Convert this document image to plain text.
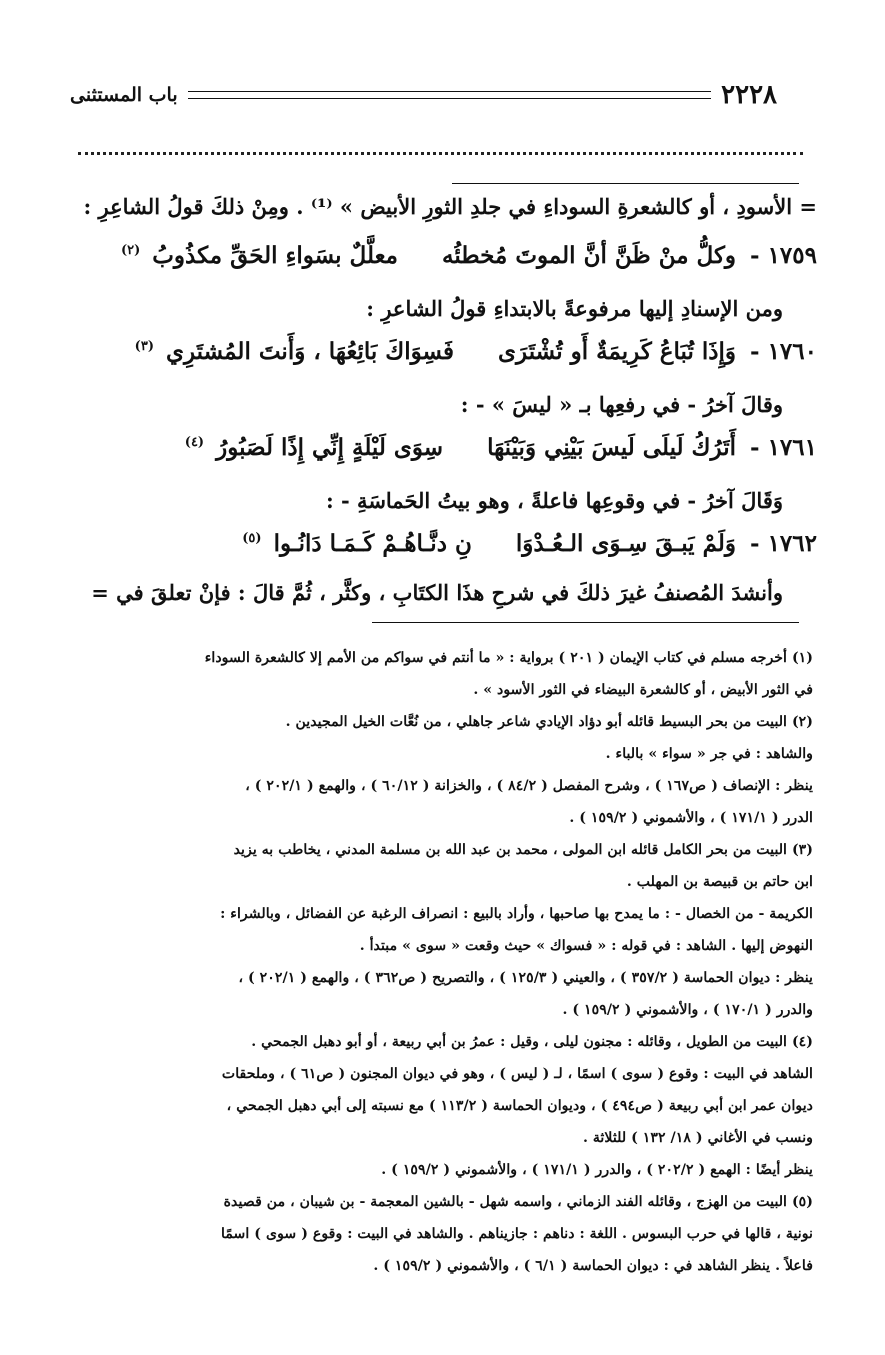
٢٢٢٨
باب المستثنى
= الأسودِ ، أو كالشعرةِ السوداءِ في جلدِ الثورِ الأبيض » ⁽¹⁾ . ومِنْ ذلكَ قولُ الشاعِرِ :
١٧٥٩ - وكلُّ منْ ظَنَّ أنَّ الموتَ مُخطئُه معلَّلٌ بسَواءِ الحَقِّ مكذُوبُ $^{(٢)}$
ومن الإسنادِ إليها مرفوعةً بالابتداءِ قولُ الشاعرِ :
١٧٦٠ - وَإِذَا تُبَاعُ كَرِيمَةٌ أَو تُشْتَرَى فَسِوَاكَ بَائِعُهَا ، وَأَنتَ المُشتَرِي $^{(٣)}$
وقالَ آخرُ - في رفعِها بـ « ليسَ » - :
١٧٦١ - أَتَرُكُ لَيلَى لَيسَ بَيْنِي وَبَيْنَهَا سِوَى لَيْلَةٍ إِنِّي إِذًا لَصَبُورُ $^{(٤)}$
وَقَالَ آخرُ - في وقوعِها فاعلةً ، وهو بيتُ الحَماسَةِ - :
١٧٦٢ - وَلَمْ يَبـقَ سِـوَى الـعُـدْوَا نِ دنَّـاهُـمْ كَـمَـا دَانُـوا $^{(٥)}$
وأنشدَ المُصنفُ غيرَ ذلكَ في شرحِ هذَا الكتَابِ ، وكثَّر ، ثُمَّ قالَ : فإنْ تعلقَ في =
(١) أخرجه مسلم في كتاب الإيمان ( ٢٠١ ) برواية : « ما أنتم في سواكم من الأمم إلا كالشعرة السوداء
في الثور الأبيض ، أو كالشعرة البيضاء في الثور الأسود » .
(٢) البيت من بحر البسيط قائله أبو دؤاد الإيادي شاعر جاهلي ، من نُعَّات الخيل المجيدين .
والشاهد : في جر « سواء » بالباء .
ينظر : الإنصاف ( ص١٦٧ ) ، وشرح المفصل ( ٨٤/٢ ) ، والخزانة ( ٦٠/١٢ ) ، والهمع ( ٢٠٢/١ ) ،
الدرر ( ١٧١/١ ) ، والأشموني ( ١٥٩/٢ ) .
(٣) البيت من بحر الكامل قائله ابن المولى ، محمد بن عبد الله بن مسلمة المدني ، يخاطب به يزيد
ابن حاتم بن قبيصة بن المهلب .
الكريمة - من الخصال - : ما يمدح بها صاحبها ، وأراد بالبيع : انصراف الرغبة عن الفضائل ، وبالشراء :
النهوض إليها . الشاهد : في قوله : « فسواك » حيث وقعت « سوى » مبتدأ .
ينظر : ديوان الحماسة ( ٣٥٧/٢ ) ، والعيني ( ١٢٥/٣ ) ، والتصريح ( ص٣٦٢ ) ، والهمع ( ٢٠٢/١ ) ،
والدرر ( ١٧٠/١ ) ، والأشموني ( ١٥٩/٢ ) .
(٤) البيت من الطويل ، وقائله : مجنون ليلى ، وقيل : عمرُ بن أبي ربيعة ، أو أبو دهبل الجمحي .
الشاهد في البيت : وقوع ( سوى ) اسمًا ، لـ ( ليس ) ، وهو في ديوان المجنون ( ص٦١ ) ، وملحقات
ديوان عمر ابن أبي ربيعة ( ص٤٩٤ ) ، وديوان الحماسة ( ١١٣/٢ ) مع نسبته إلى أبي دهبل الجمحي ،
ونسب في الأغاني ( ١٨/ ١٣٢ ) للثلاثة .
ينظر أيضًا : الهمع ( ٢٠٢/٢ ) ، والدرر ( ١٧١/١ ) ، والأشموني ( ١٥٩/٢ ) .
(٥) البيت من الهزج ، وقائله الفند الزماني ، واسمه شهل - بالشين المعجمة - بن شيبان ، من قصيدة
نونية ، قالها في حرب البسوس . اللغة : دناهم : جازيناهم . والشاهد في البيت : وقوع ( سوى ) اسمًا
فاعلاً . ينظر الشاهد في : ديوان الحماسة ( ٦/١ ) ، والأشموني ( ١٥٩/٢ ) .
